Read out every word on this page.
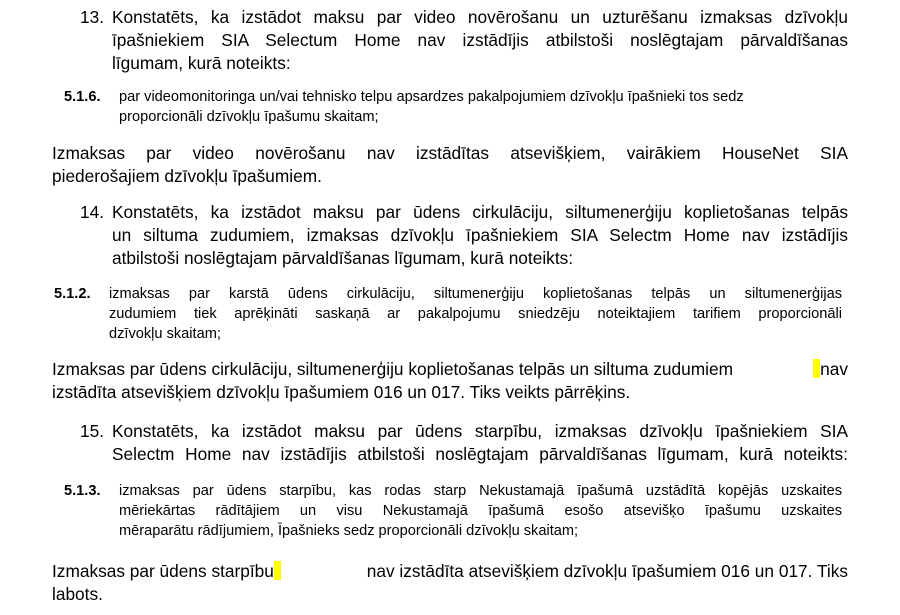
13. Konstatēts, ka izstādot maksu par video novērošanu un uzturēšanu izmaksas dzīvokļu
īpašniekiem SIA Selectum Home nav izstādījis atbilstoši noslēgtajam pārvaldīšanas
līgumam, kurā noteikts:
5.1.6. par videomonitoringa un/vai tehnisko telpu apsardzes pakalpojumiem dzīvokļu īpašnieki tos sedz
proporcionāli dzīvokļu īpašumu skaitam;
Izmaksas par video novērošanu nav izstādītas atsevišķiem, vairākiem HouseNet SIA
piederošajiem dzīvokļu īpašumiem.
14. Konstatēts, ka izstādot maksu par ūdens cirkulāciju, siltumenerģiju koplietošanas telpās
un siltuma zudumiem, izmaksas dzīvokļu īpašniekiem SIA Selectm Home nav izstādījis
atbilstoši noslēgtajam pārvaldīšanas līgumam, kurā noteikts:
5.1.2. izmaksas par karstā ūdens cirkulāciju, siltumenerģiju koplietošanas telpās un siltumenerģijas
zudumiem tiek aprēķināti saskaņā ar pakalpojumu sniedzēju noteiktajiem tarifiem proporcionāli
dzīvokļu skaitam;
Izmaksas par ūdens cirkulāciju, siltumenerģiju koplietošanas telpās un siltuma zudumiem	nav
izstādīta atsevišķiem dzīvokļu īpašumiem 016 un 017. Tiks veikts pārrēķins.
15. Konstatēts, ka izstādot maksu par ūdens starpību, izmaksas dzīvokļu īpašniekiem SIA
Selectm Home nav izstādījis atbilstoši noslēgtajam pārvaldīšanas līgumam, kurā noteikts:
5.1.3. izmaksas par ūdens starpību, kas rodas starp Nekustamajā īpašumā uzstādītā kopējās uzskaites
mēriekārtas rādītājiem un visu Nekustamajā īpašumā esošo atsevišķo īpašumu uzskaites
mēraparātu rādījumiem, Īpašnieks sedz proporcionāli dzīvokļu skaitam;
Izmaksas par ūdens starpību	nav izstādīta atsevišķiem dzīvokļu īpašumiem 016 un 017. Tiks
labots.
